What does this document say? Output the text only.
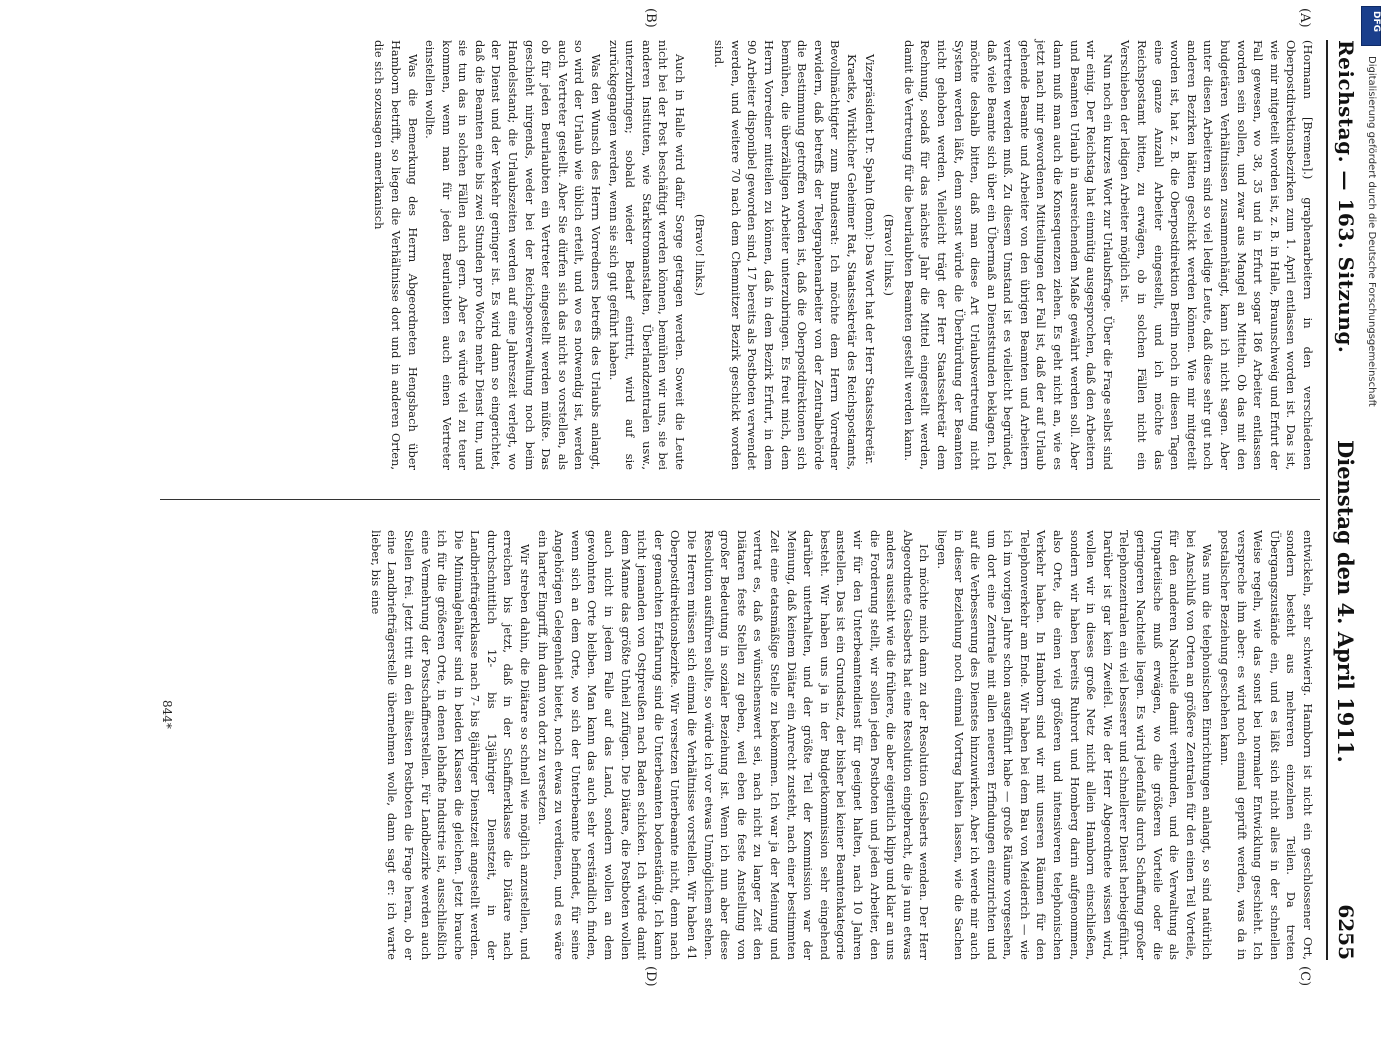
Reichstag. — 163. Sitzung.
Dienstag den 4. April 1911.
6255
(A)
(B)
(C)
(D)

(Hormann [Bremen].) graphenarbeitern in den verschiedenen Oberpostdirektionsbezirken zum 1. April entlassen worden ist. Das ist, wie mir mitgeteilt worden ist, z. B. in Halle, Braunschweig und Erfurt der Fall gewesen, wo 38, 35 und in Erfurt sogar 186 Arbeiter entlassen worden sein sollen, und zwar aus Mangel an Mitteln. Ob das mit den budgetären Verhältnissen zusammenhängt, kann ich nicht sagen. Aber unter diesen Arbeitern sind so viel ledige Leute, daß diese sehr gut noch anderen Bezirken hätten geschickt werden können. Wie mir mitgeteilt worden ist, hat z. B. die Oberpostdirektion Berlin noch in diesen Tagen eine ganze Anzahl Arbeiter eingestellt, und ich möchte das Reichspostamt bitten, zu erwägen, ob in solchen Fällen nicht ein Verschieben der ledigen Arbeiter möglich ist.

Nun noch ein kurzes Wort zur Urlaubsfrage. Über die Frage selbst sind wir einig. Der Reichstag hat einmütig ausgesprochen, daß den Arbeitern und Beamten Urlaub in ausreichendem Maße gewährt werden soll. Aber dann muß man auch die Konsequenzen ziehen. Es geht nicht an, wie es jetzt nach mir gewordenen Mitteilungen der Fall ist, daß der auf Urlaub gehende Beamte und Arbeiter von den übrigen Beamten und Arbeitern vertreten werden muß. Zu diesem Umstand ist es vielleicht begründet, daß viele Beamte sich über ein Übermaß an Dienststunden beklagen. Ich möchte deshalb bitten, daß man diese Art Urlaubsvertretung nicht System werden läßt, denn sonst würde die Überbürdung der Beamten nicht gehoben werden. Vielleicht trägt der Herr Staatssekretär dem Rechnung, sodaß für das nächste Jahr die Mittel eingestellt werden, damit die Vertretung für die beurlaubten Beamten gestellt werden kann.

(Bravo! links.)

Vizepräsident Dr. Spahn (Bonn): Das Wort hat der Herr Staatssekretär.

Kraetke, Wirklicher Geheimer Rat, Staatssekretär des Reichspostamts, Bevollmächtigter zum Bundesrat: Ich möchte dem Herrn Vorredner erwidern, daß betreffs der Telegraphenarbeiter von der Zentralbehörde die Bestimmung getroffen worden ist, daß die Oberpostdirektionen sich bemühen, die überzähligen Arbeiter unterzubringen. Es freut mich, dem Herrn Vorredner mitteilen zu können, daß in dem Bezirk Erfurt, in dem 90 Arbeiter disponibel geworden sind, 17 bereits als Postboten verwendet werden, und weitere 70 nach dem Chemnitzer Bezirk geschickt worden sind.

(Bravo! links.)

Auch in Halle wird dafür Sorge getragen werden. Soweit die Leute nicht bei der Post beschäftigt werden können, bemühen wir uns, sie bei anderen Instituten, wie Starkstromanstalten, Überlandzentralen usw., unterzubringen; sobald wieder Bedarf eintritt, wird auf sie zurückgegangen werden, wenn sie sich gut geführt haben.

Was den Wunsch des Herrn Vorredners betreffs des Urlaubs anlangt, so wird der Urlaub wie üblich erteilt, und wo es notwendig ist, werden auch Vertreter gestellt. Aber Sie dürfen sich das nicht so vorstellen, als ob für jeden Beurlaubten ein Vertreter eingestellt werden müßte. Das geschieht nirgends, weder bei der Reichspostverwaltung noch beim Handelsstand; die Urlaubszeiten werden auf eine Jahreszeit verlegt, wo der Dienst und der Verkehr geringer ist. Es wird dann so eingerichtet, daß die Beamten eine bis zwei Stunden pro Woche mehr Dienst tun, und sie tun das in solchen Fällen auch gern. Aber es würde viel zu teuer kommen, wenn man für jeden Beurlaubten auch einen Vertreter einstellen wollte.

Was die Bemerkung des Herrn Abgeordneten Hengsbach über Hamborn betrifft, so liegen die Verhältnisse dort und in anderen Orten, die sich sozusagen amerikanisch

entwickeln, sehr schwierig. Hamborn ist nicht ein geschlossener Ort, sondern besteht aus mehreren einzelnen Teilen. Da treten Übergangszustände ein, und es läßt sich nicht alles in der schnellen Weise regeln, wie das sonst bei normaler Entwicklung geschieht. Ich verspreche ihm aber: es wird noch einmal geprüft werden, was da in postalischer Beziehung geschehen kann.

Was nun die telephonischen Einrichtungen anlangt, so sind natürlich bei Anschluß von Orten an größere Zentralen für den einen Teil Vorteile, für den anderen Nachteile damit verbunden, und die Verwaltung als Unparteiische muß erwägen, wo die größeren Vorteile oder die geringeren Nachteile liegen. Es wird jedenfalls durch Schaffung großer Telephonzentralen ein viel besserer und schnellerer Dienst herbeigeführt. Darüber ist gar kein Zweifel. Wie der Herr Abgeordnete wissen wird, wollen wir in dieses große Netz nicht allein Hamborn einschließen, sondern wir haben bereits Ruhrort und Homberg darin aufgenommen, also Orte, die einen viel größeren und intensiveren telephonischen Verkehr haben. In Hamborn sind wir mit unseren Räumen für den Telephonverkehr am Ende. Wir haben bei dem Bau von Meiderich — wie ich im vorigen Jahre schon ausgeführt habe — große Räume vorgesehen, um dort eine Zentrale mit allen neueren Erfindungen einzurichten und auf die Verbesserung des Dienstes hinzuwirken. Aber ich werde mir auch in dieser Beziehung noch einmal Vortrag halten lassen, wie die Sachen liegen.

Ich möchte mich dann zu der Resolution Giesberts wenden. Der Herr Abgeordnete Giesberts hat eine Resolution eingebracht, die ja nun etwas anders aussieht wie die frühere, die aber eigentlich klipp und klar an uns die Forderung stellt, wir sollen jeden Postboten und jeden Arbeiter, den wir für den Unterbeamtendienst für geeignet halten, nach 10 Jahren anstellen. Das ist ein Grundsatz, der bisher bei keiner Beamtenkategorie besteht. Wir haben uns ja in der Budgetkommission sehr eingehend darüber unterhalten, und der größte Teil der Kommission war der Meinung, daß keinem Diätar ein Anrecht zusteht, nach einer bestimmten Zeit eine etatsmäßige Stelle zu bekommen. Ich war ja der Meinung und vertrat es, daß es wünschenswert sei, nach nicht zu langer Zeit den Diätaren feste Stellen zu geben, weil eben die feste Anstellung von großer Bedeutung in sozialer Beziehung ist. Wenn ich nun aber diese Resolution ausführen sollte, so würde ich vor etwas Unmöglichem stehen. Die Herren müssen sich einmal die Verhältnisse vorstellen. Wir haben 41 Oberpostdirektionsbezirke. Wir versetzen Unterbeamte nicht, denn nach der gemachten Erfahrung sind die Unterbeamten bodenständig. Ich kann nicht jemanden von Ostpreußen nach Baden schicken. Ich würde damit dem Manne das größte Unheil zufügen. Die Diätare, die Postboten wollen auch nicht in jedem Falle auf das Land, sondern wollen an dem gewohnten Orte bleiben. Man kann das auch sehr verständlich finden, wenn sich an dem Orte, wo sich der Unterbeamte befindet, für seine Angehörigen Gelegenheit bietet, noch etwas zu verdienen, und es wäre ein harter Eingriff, ihn dann von dort zu versetzen.

Wir streben dahin, die Diätare so schnell wie möglich anzustellen, und erreichen bis jetzt, daß in der Schaffnerklasse die Diätare nach durchschnittlich 12- bis 13jähriger Dienstzeit, in der Landbriefträgerklasse nach 7- bis 8jähriger Dienstzeit angestellt werden. Die Minimalgehälter sind in beiden Klassen die gleichen. Jetzt brauche ich für die größeren Orte, in denen lebhafte Industrie ist, ausschließlich eine Vermehrung der Postschaffnerstellen. Für Landbezirke werden auch Stellen frei. Jetzt tritt an den ältesten Postboten die Frage heran, ob er eine Landbriefträgerstelle übernehmen wolle, dann sagt er: ich warte lieber, bis eine

844*
DFG
Digitalisierung gefördert durch die Deutsche Forschungsgemeinschaft
